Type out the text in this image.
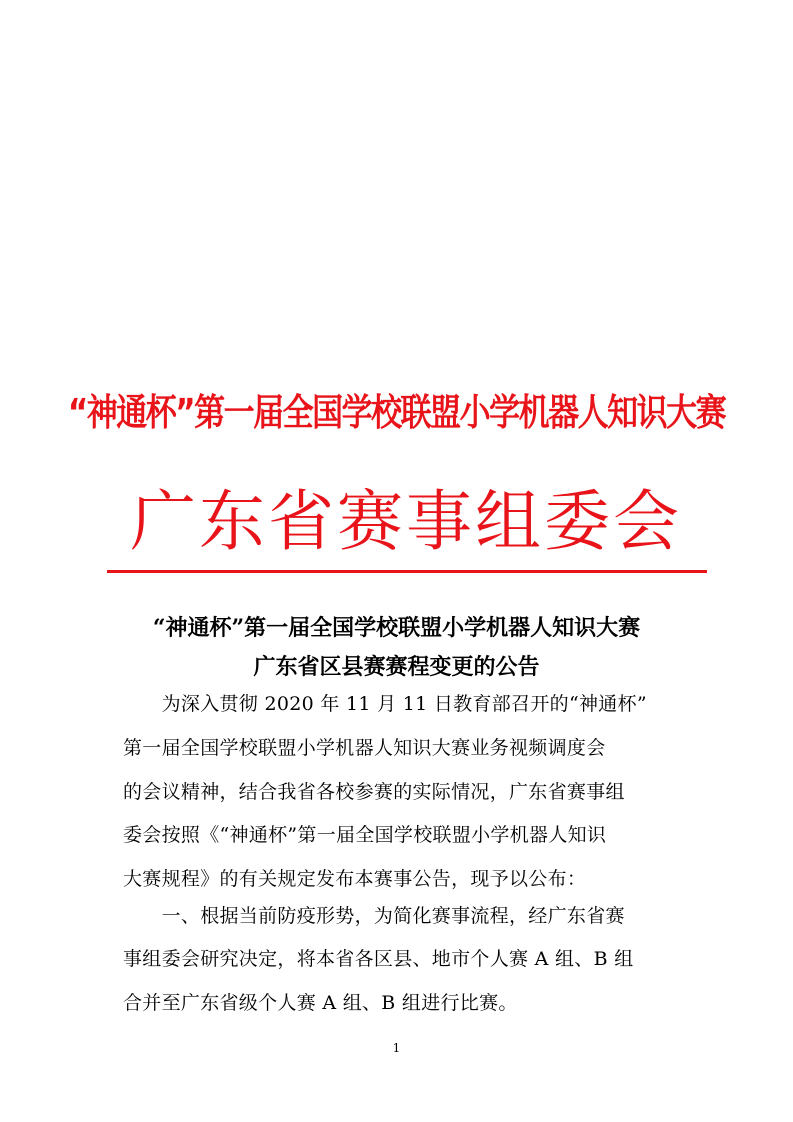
“神通杯”第一届全国学校联盟小学机器人知识大赛
广东省赛事组委会
“神通杯”第一届全国学校联盟小学机器人知识大赛
广东省区县赛赛程变更的公告
　　为深入贯彻 2020 年 11 月 11 日教育部召开的“神通杯”
第一届全国学校联盟小学机器人知识大赛业务视频调度会
的会议精神，结合我省各校参赛的实际情况，广东省赛事组
委会按照《“神通杯”第一届全国学校联盟小学机器人知识
大赛规程》的有关规定发布本赛事公告，现予以公布：
　　一、根据当前防疫形势，为简化赛事流程，经广东省赛
事组委会研究决定，将本省各区县、地市个人赛 A 组、B 组
合并至广东省级个人赛 A 组、B 组进行比赛。
1
